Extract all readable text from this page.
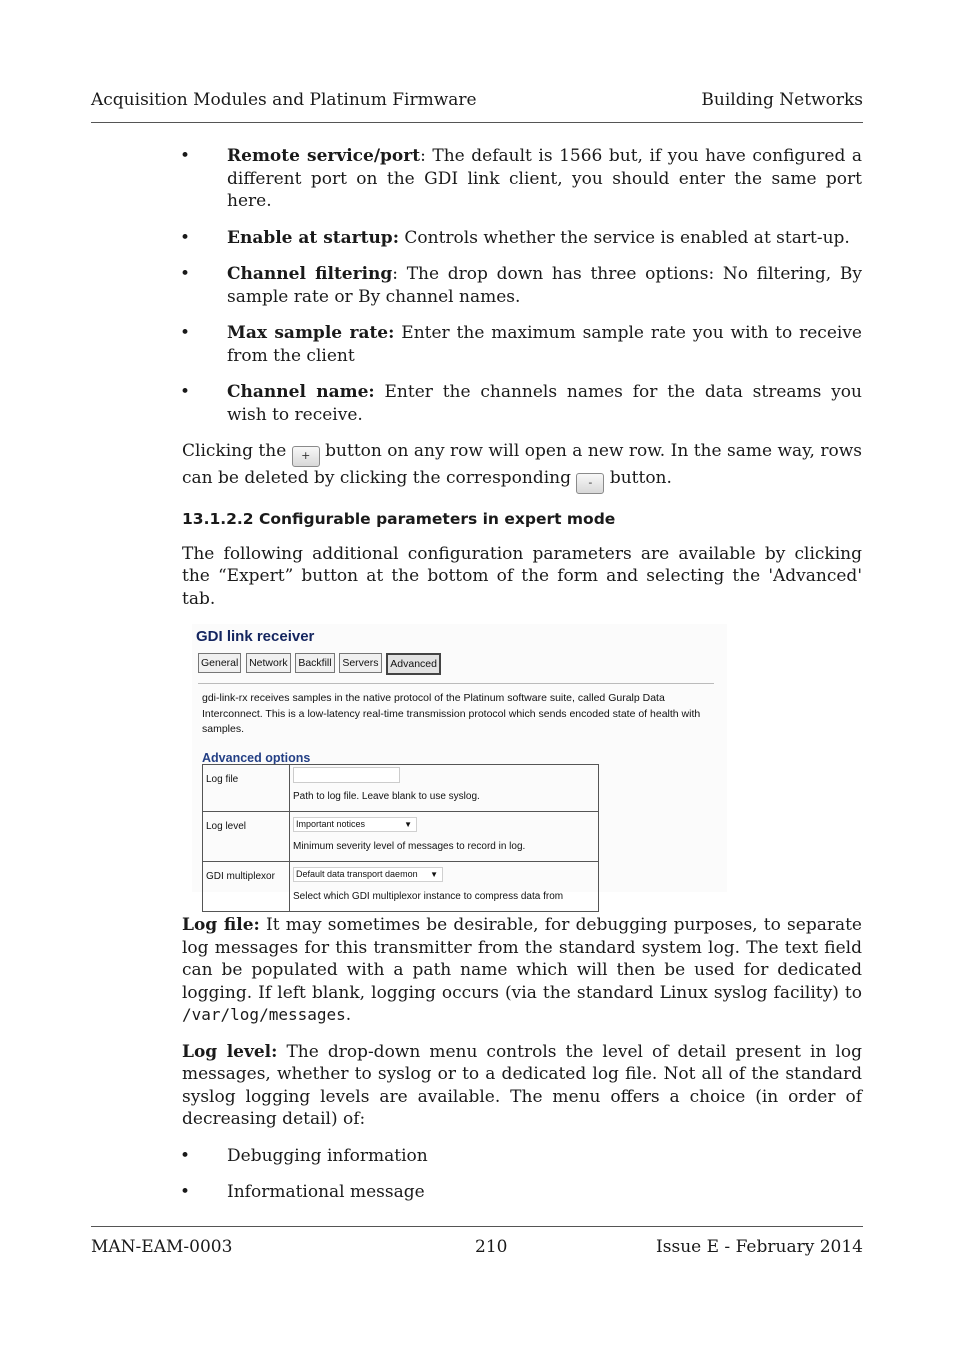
Acquisition Modules and Platinum Firmware	Building Networks
• Remote service/port: The default is 1566 but, if you have configured a different port on the GDI link client, you should enter the same port here.
• Enable at startup: Controls whether the service is enabled at start-up.
• Channel filtering: The drop down has three options: No filtering, By sample rate or By channel names.
• Max sample rate: Enter the maximum sample rate you with to receive from the client
• Channel name: Enter the channels names for the data streams you wish to receive.

Clicking the + button on any row will open a new row. In the same way, rows can be deleted by clicking the corresponding - button.

13.1.2.2 Configurable parameters in expert mode

The following additional configuration parameters are available by clicking the “Expert” button at the bottom of the form and selecting the 'Advanced' tab.

GDI link receiver
General Network Backfill Servers Advanced
gdi-link-rx receives samples in the native protocol of the Platinum software suite, called Guralp Data Interconnect. This is a low-latency real-time transmission protocol which sends encoded state of health with samples.
Advanced options
Log file	Path to log file. Leave blank to use syslog.

Log level	Important notices ▼
Minimum severity level of messages to record in log.

GDI multiplexor	Default data transport daemon ▼
Select which GDI multiplexor instance to compress data from

Log file: It may sometimes be desirable, for debugging purposes, to separate log messages for this transmitter from the standard system log. The text field can be populated with a path name which will then be used for dedicated logging. If left blank, logging occurs (via the standard Linux syslog facility) to /var/log/messages.

Log level: The drop-down menu controls the level of detail present in log messages, whether to syslog or to a dedicated log file. Not all of the standard syslog logging levels are available. The menu offers a choice (in order of decreasing detail) of:

• Debugging information
• Informational message
MAN-EAM-0003	210	Issue E - February 2014
